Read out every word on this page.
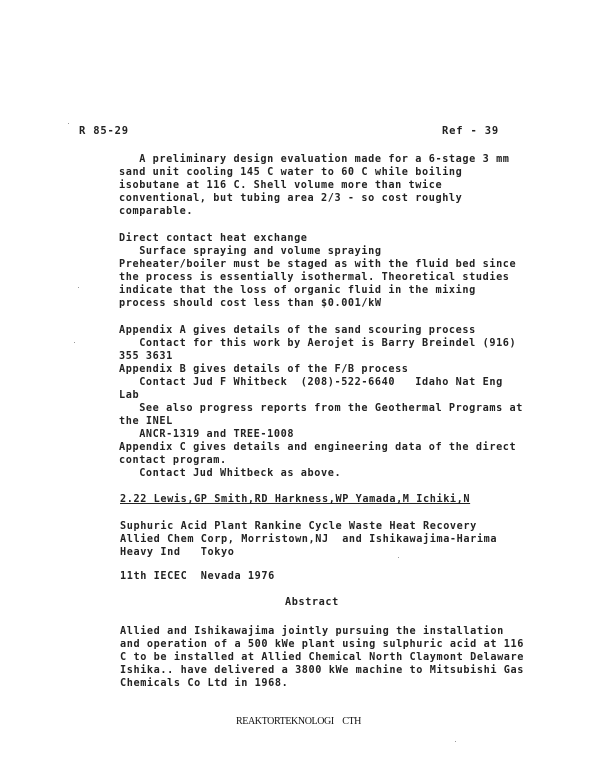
R 85-29	Ref - 39
A preliminary design evaluation made for a 6-stage 3 mm
sand unit cooling 145 C water to 60 C while boiling
isobutane at 116 C. Shell volume more than twice
conventional, but tubing area 2/3 - so cost roughly
comparable.
Direct contact heat exchange
Surface spraying and volume spraying
Preheater/boiler must be staged as with the fluid bed since
the process is essentially isothermal. Theoretical studies
indicate that the loss of organic fluid in the mixing
process should cost less than $0.001/kW
Appendix A gives details of the sand scouring process
Contact for this work by Aerojet is Barry Breindel (916)
355 3631
Appendix B gives details of the F/B process
Contact Jud F Whitbeck  (208)-522-6640   Idaho Nat Eng
Lab
See also progress reports from the Geothermal Programs at
the INEL
ANCR-1319 and TREE-1008
Appendix C gives details and engineering data of the direct
contact program.
Contact Jud Whitbeck as above.
2.22 Lewis,GP Smith,RD Harkness,WP Yamada,M Ichiki,N
Suphuric Acid Plant Rankine Cycle Waste Heat Recovery
Allied Chem Corp, Morristown,NJ  and Ishikawajima-Harima
Heavy Ind   Tokyo
11th IECEC  Nevada 1976
Abstract
Allied and Ishikawajima jointly pursuing the installation
and operation of a 500 kWe plant using sulphuric acid at 116
C to be installed at Allied Chemical North Claymont Delaware
Ishika.. have delivered a 3800 kWe machine to Mitsubishi Gas
Chemicals Co Ltd in 1968.
REAKTORTEKNOLOGI    CTH
